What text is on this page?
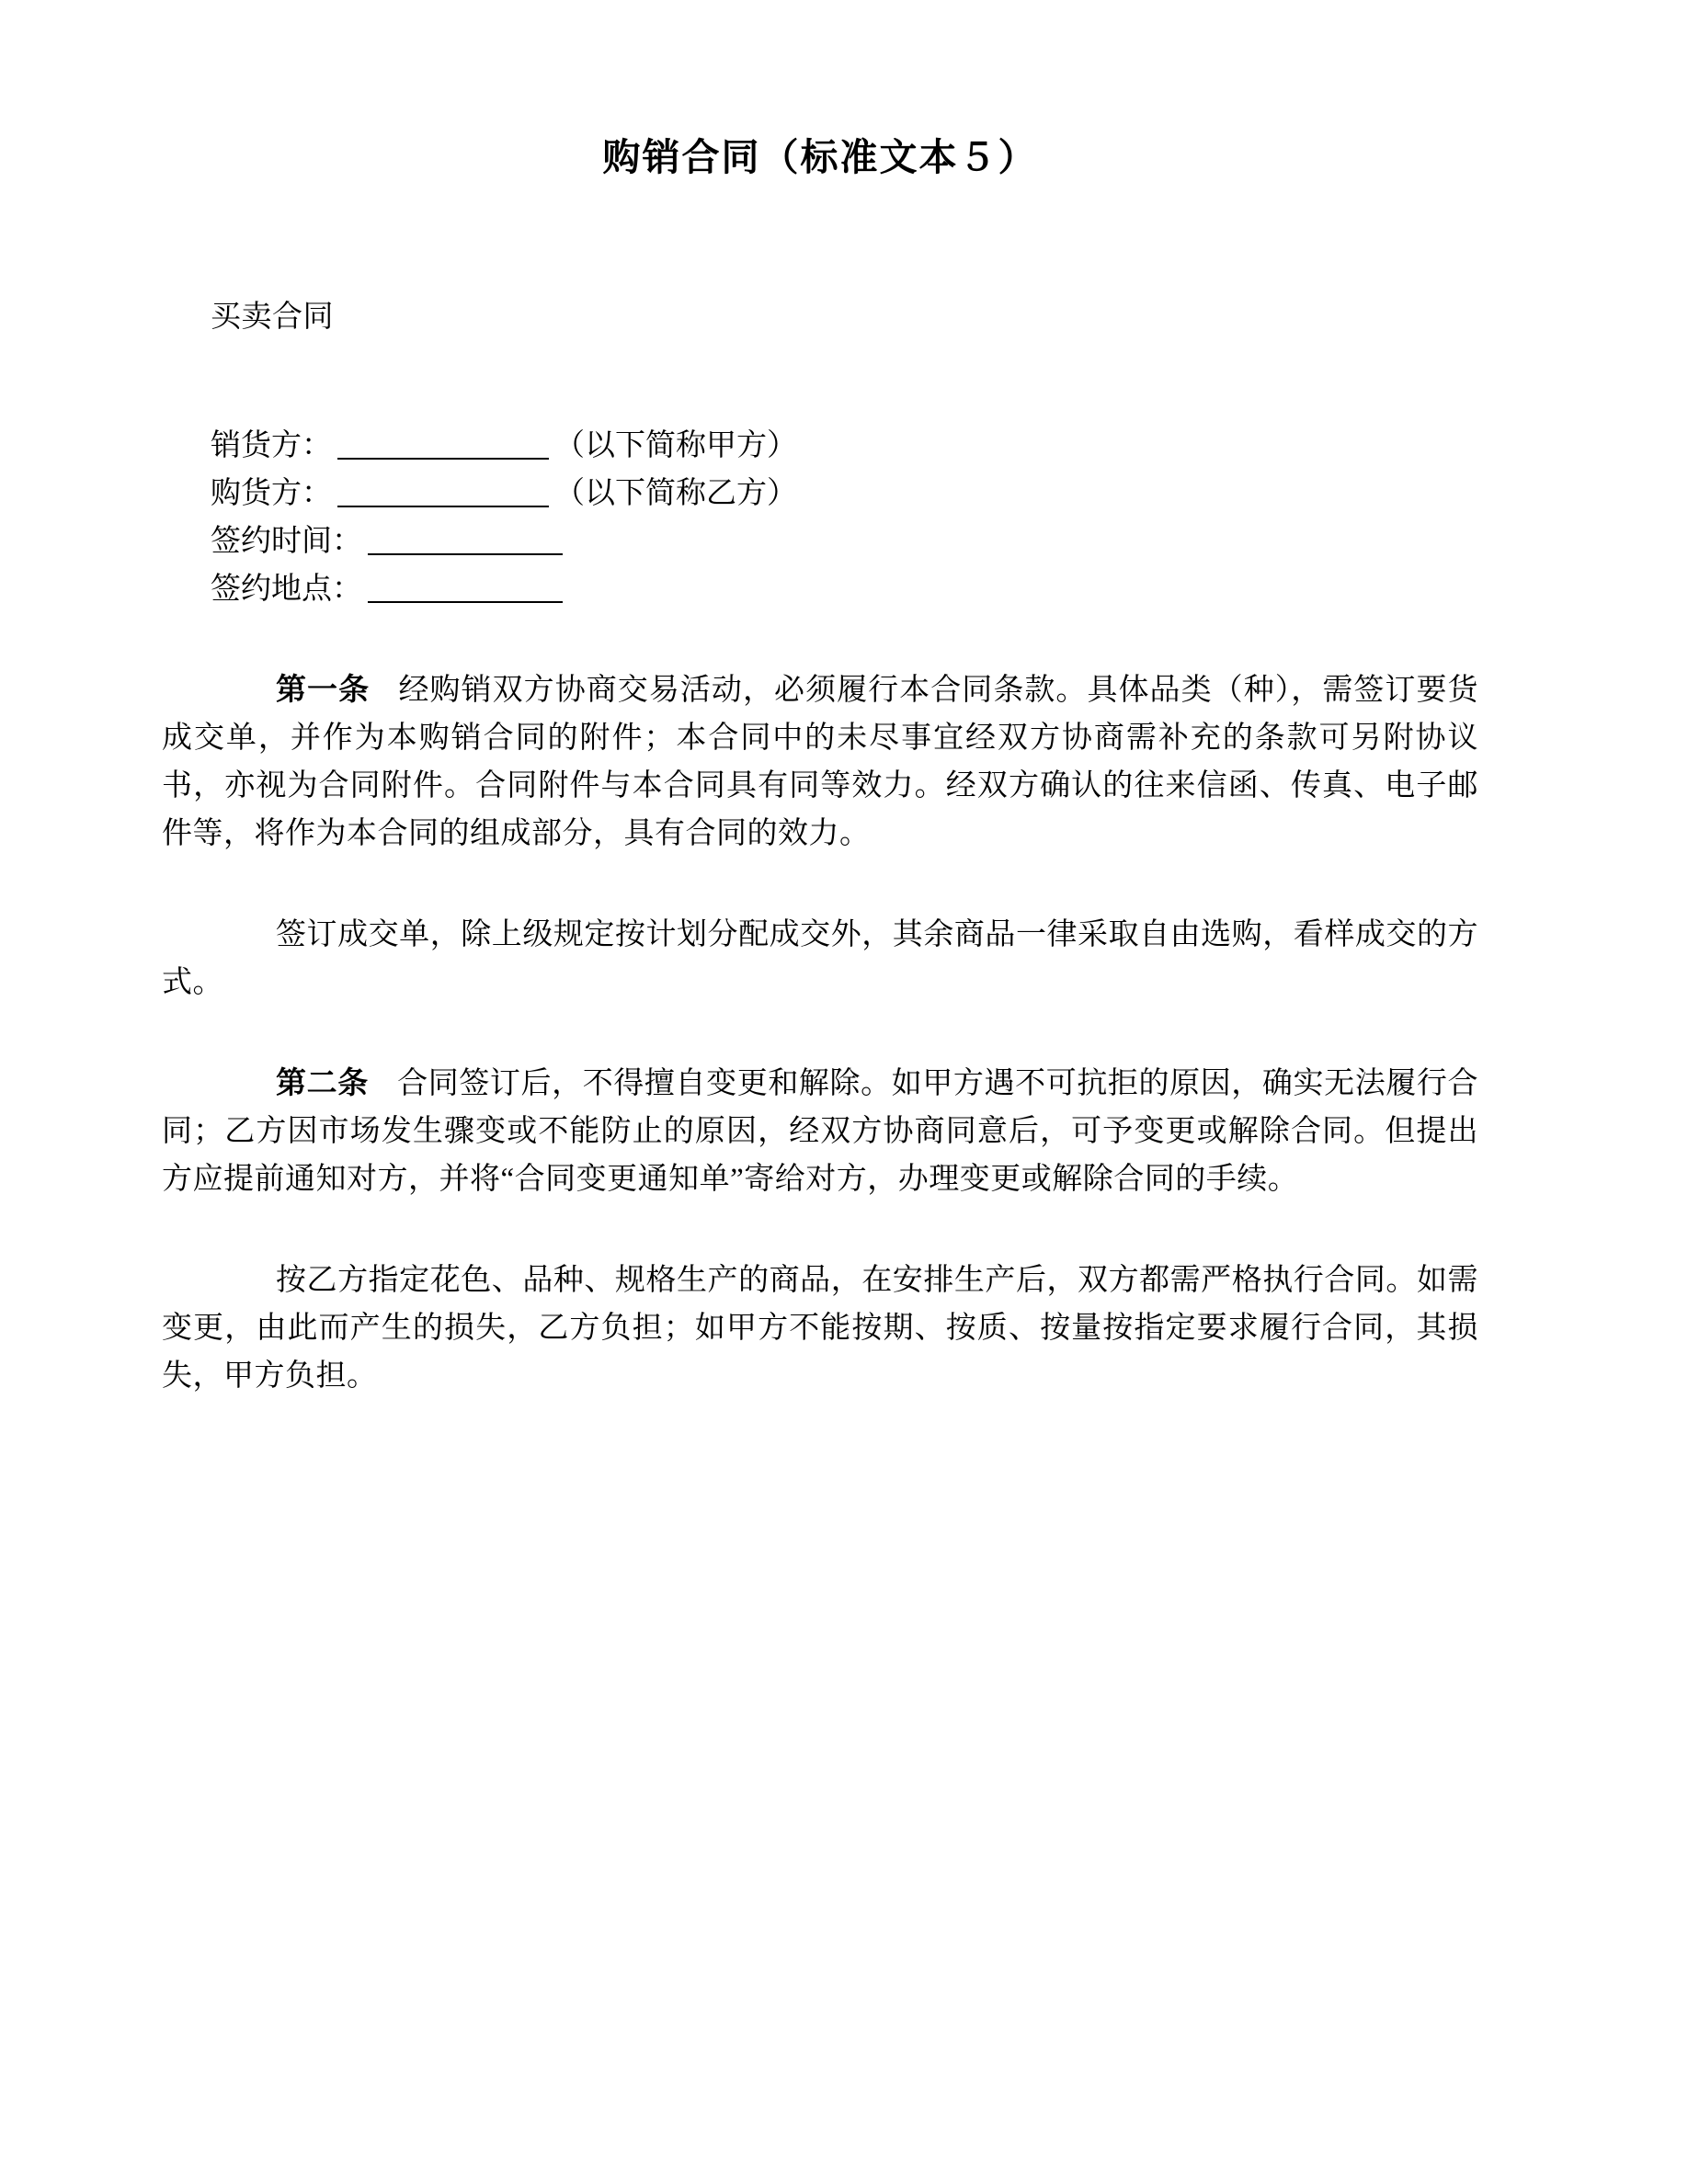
购销合同（标准文本５）

买卖合同

销货方：	（以下简称甲方）

购货方：	（以下简称乙方）

签约时间：

签约地点：

第一条 经购销双方协商交易活动，必须履行本合同条款。具体品类（种），需签订要货成交单，并作为本购销合同的附件；本合同中的未尽事宜经双方协商需补充的条款可另附协议书，亦视为合同附件。合同附件与本合同具有同等效力。经双方确认的往来信函、传真、电子邮件等，将作为本合同的组成部分，具有合同的效力。

签订成交单，除上级规定按计划分配成交外，其余商品一律采取自由选购，看样成交的方式。

第二条 合同签订后，不得擅自变更和解除。如甲方遇不可抗拒的原因，确实无法履行合同；乙方因市场发生骤变或不能防止的原因，经双方协商同意后，可予变更或解除合同。但提出方应提前通知对方，并将“合同变更通知单”寄给对方，办理变更或解除合同的手续。

按乙方指定花色、品种、规格生产的商品，在安排生产后，双方都需严格执行合同。如需变更，由此而产生的损失，乙方负担；如甲方不能按期、按质、按量按指定要求履行合同，其损失，甲方负担。
